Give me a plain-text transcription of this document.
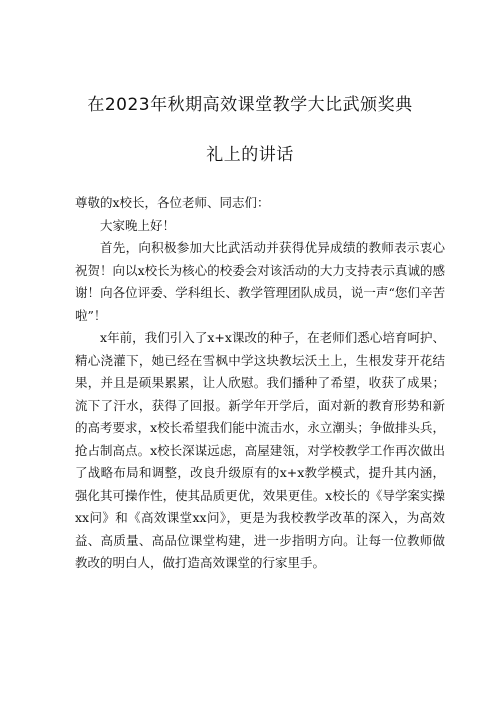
在2023年秋期高效课堂教学大比武颁奖典
礼上的讲话

尊敬的x校长，各位老师、同志们：

大家晚上好！

首先，向积极参加大比武活动并获得优异成绩的教师表示衷心祝贺！向以x校长为核心的校委会对该活动的大力支持表示真诚的感谢！向各位评委、学科组长、教学管理团队成员，说一声“您们辛苦啦”！

x年前，我们引入了x+x课改的种子，在老师们悉心培育呵护、精心浇灌下，她已经在雪枫中学这块教坛沃土上，生根发芽开花结果，并且是硕果累累，让人欣慰。我们播种了希望，收获了成果；流下了汗水，获得了回报。新学年开学后，面对新的教育形势和新的高考要求，x校长希望我们能中流击水，永立潮头；争做排头兵，抢占制高点。x校长深谋远虑，高屋建瓴，对学校教学工作再次做出了战略布局和调整，改良升级原有的x+x教学模式，提升其内涵，强化其可操作性，使其品质更优，效果更佳。x校长的《导学案实操xx问》和《高效课堂xx问》，更是为我校教学改革的深入，为高效益、高质量、高品位课堂构建，进一步指明方向。让每一位教师做教改的明白人，做打造高效课堂的行家里手。
